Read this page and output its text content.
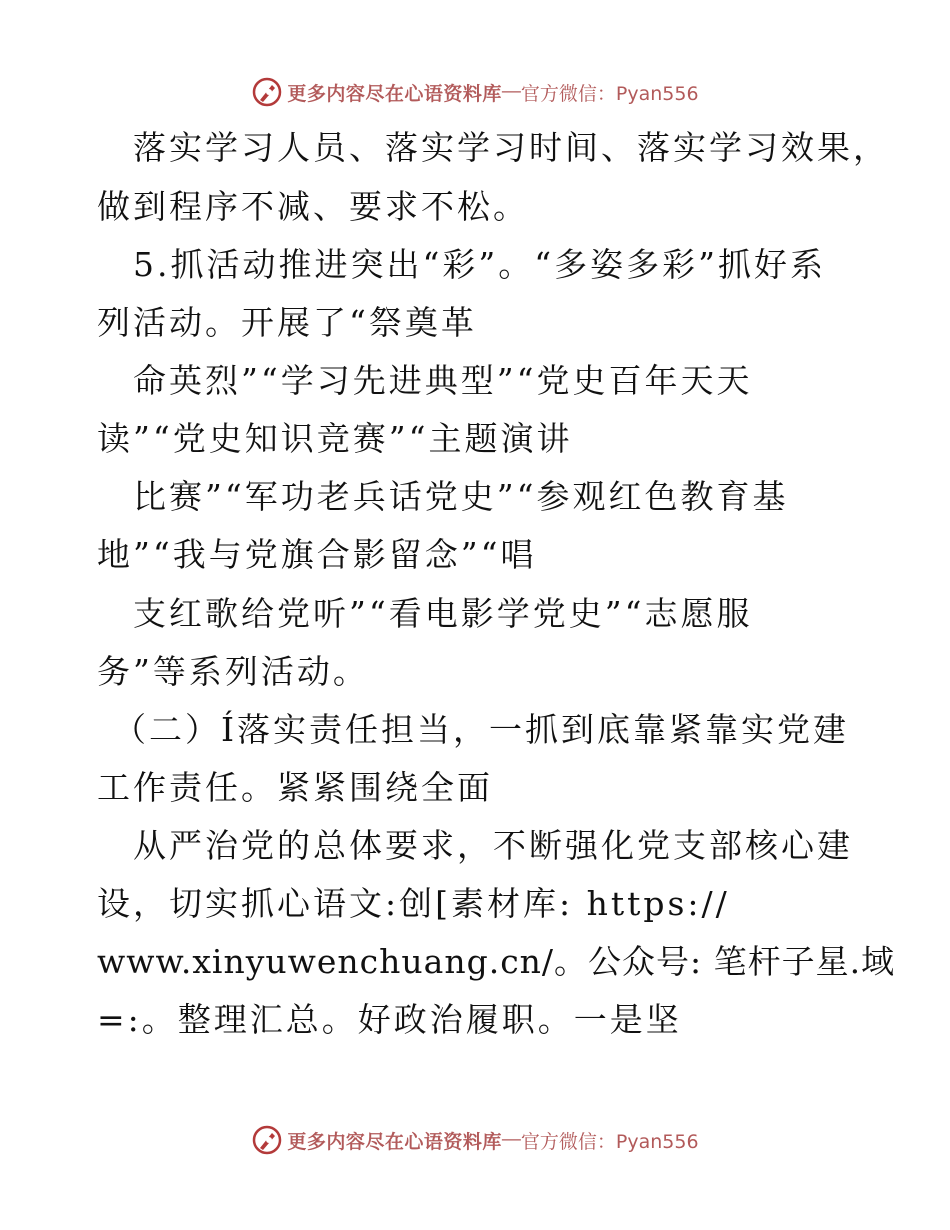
更多内容尽在心语资料库 — 官方微信：Pyan556
落实学习人员、落实学习时间、落实学习效果，
做到程序不减、要求不松。
5.抓活动推进突出“彩”。“多姿多彩”抓好系
列活动。开展了“祭奠革
命英烈”“学习先进典型”“党史百年天天
读”“党史知识竞赛”“主题演讲
比赛”“军功老兵话党史”“参观红色教育基
地”“我与党旗合影留念”“唱
支红歌给党听”“看电影学党史”“志愿服
务”等系列活动。
（二）Í落实责任担当，一抓到底靠紧靠实党建
工作责任。紧紧围绕全面
从严治党的总体要求，不断强化党支部核心建
设，切实抓心语文:创[素材库: https://
www.xinyuwenchuang.cn/。公众号: 笔杆子星.域
=:。整理汇总。好政治履职。一是坚
更多内容尽在心语资料库 — 官方微信：Pyan556
